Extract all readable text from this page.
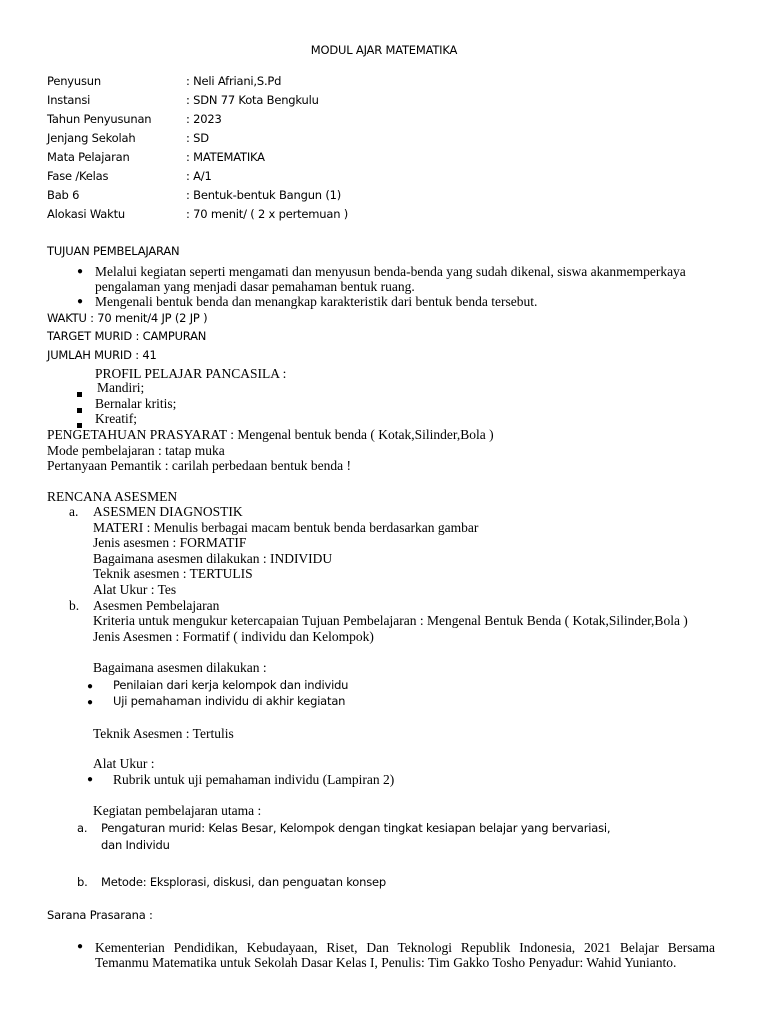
MODUL AJAR MATEMATIKA
Penyusun	: Neli Afriani,S.Pd
Instansi	: SDN 77 Kota Bengkulu
Tahun Penyusunan	: 2023
Jenjang Sekolah	: SD
Mata Pelajaran	: MATEMATIKA
Fase /Kelas	: A/1
Bab 6	: Bentuk-bentuk Bangun (1)
Alokasi Waktu	: 70 menit/ ( 2 x pertemuan )
TUJUAN PEMBELAJARAN
● Melalui kegiatan seperti mengamati dan menyusun benda-benda yang sudah dikenal, siswa akanmemperkaya
pengalaman yang menjadi dasar pemahaman bentuk ruang.
● Mengenali bentuk benda dan menangkap karakteristik dari bentuk benda tersebut.
WAKTU : 70 menit/4 JP (2 JP )
TARGET MURID : CAMPURAN
JUMLAH MURID : 41
PROFIL PELAJAR PANCASILA :
Mandiri;
Bernalar kritis;
Kreatif;
PENGETAHUAN PRASYARAT : Mengenal bentuk benda ( Kotak,Silinder,Bola )
Mode pembelajaran : tatap muka
Pertanyaan Pemantik : carilah perbedaan bentuk benda !
RENCANA ASESMEN
a. ASESMEN DIAGNOSTIK
MATERI : Menulis berbagai macam bentuk benda berdasarkan gambar
Jenis asesmen : FORMATIF
Bagaimana asesmen dilakukan : INDIVIDU
Teknik asesmen : TERTULIS
Alat Ukur : Tes
b. Asesmen Pembelajaran
Kriteria untuk mengukur ketercapaian Tujuan Pembelajaran : Mengenal Bentuk Benda ( Kotak,Silinder,Bola )
Jenis Asesmen : Formatif ( individu dan Kelompok)
Bagaimana asesmen dilakukan :
● Penilaian dari kerja kelompok dan individu
● Uji pemahaman individu di akhir kegiatan
Teknik Asesmen : Tertulis
Alat Ukur :
● Rubrik untuk uji pemahaman individu (Lampiran 2)
Kegiatan pembelajaran utama :
a. Pengaturan murid: Kelas Besar, Kelompok dengan tingkat kesiapan belajar yang bervariasi,
dan Individu
b. Metode: Eksplorasi, diskusi, dan penguatan konsep
Sarana Prasarana :
● Kementerian Pendidikan, Kebudayaan, Riset, Dan Teknologi Republik Indonesia, 2021 Belajar Bersama Temanmu Matematika untuk Sekolah Dasar Kelas I, Penulis: Tim Gakko Tosho Penyadur: Wahid Yunianto.
